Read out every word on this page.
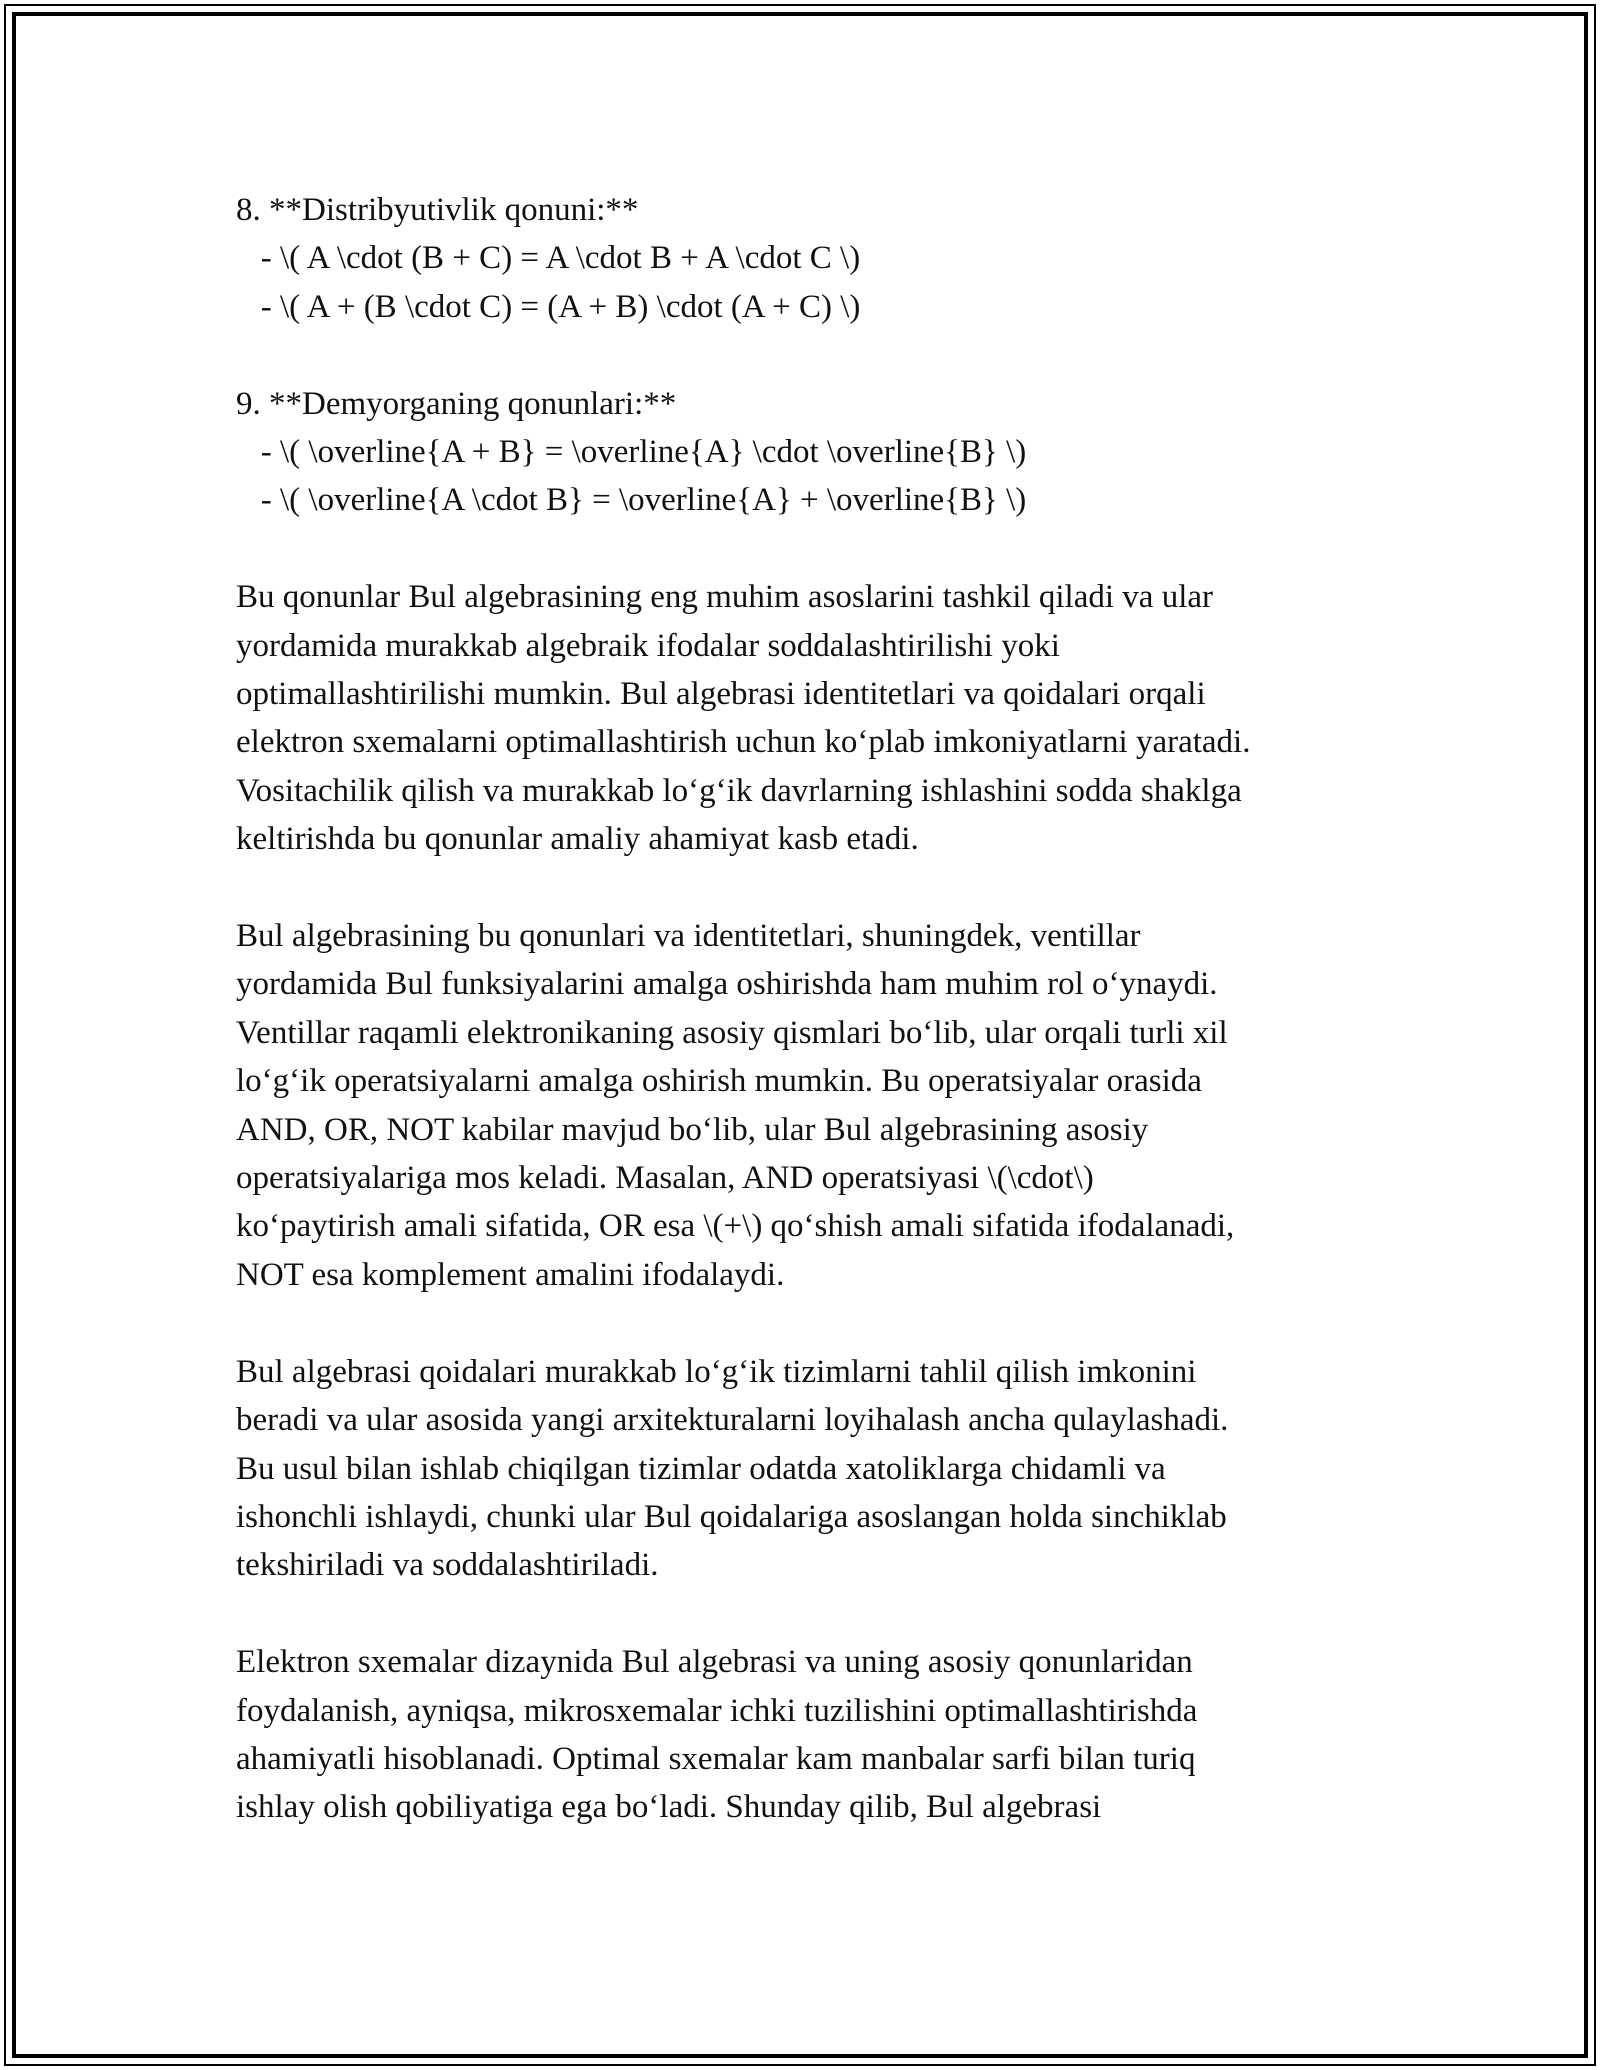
8. **Distribyutivlik qonuni:**
- \( A \cdot (B + C) = A \cdot B + A \cdot C \)
- \( A + (B \cdot C) = (A + B) \cdot (A + C) \)
9. **Demyorganing qonunlari:**
- \( \overline{A + B} = \overline{A} \cdot \overline{B} \)
- \( \overline{A \cdot B} = \overline{A} + \overline{B} \)
Bu qonunlar Bul algebrasining eng muhim asoslarini tashkil qiladi va ular
yordamida murakkab algebraik ifodalar soddalashtirilishi yoki
optimallashtirilishi mumkin. Bul algebrasi identitetlari va qoidalari orqali
elektron sxemalarni optimallashtirish uchun ko‘plab imkoniyatlarni yaratadi.
Vositachilik qilish va murakkab lo‘g‘ik davrlarning ishlashini sodda shaklga
keltirishda bu qonunlar amaliy ahamiyat kasb etadi.
Bul algebrasining bu qonunlari va identitetlari, shuningdek, ventillar
yordamida Bul funksiyalarini amalga oshirishda ham muhim rol o‘ynaydi.
Ventillar raqamli elektronikaning asosiy qismlari bo‘lib, ular orqali turli xil
lo‘g‘ik operatsiyalarni amalga oshirish mumkin. Bu operatsiyalar orasida
AND, OR, NOT kabilar mavjud bo‘lib, ular Bul algebrasining asosiy
operatsiyalariga mos keladi. Masalan, AND operatsiyasi \(\cdot\)
ko‘paytirish amali sifatida, OR esa \(+\) qo‘shish amali sifatida ifodalanadi,
NOT esa komplement amalini ifodalaydi.
Bul algebrasi qoidalari murakkab lo‘g‘ik tizimlarni tahlil qilish imkonini
beradi va ular asosida yangi arxitekturalarni loyihalash ancha qulaylashadi.
Bu usul bilan ishlab chiqilgan tizimlar odatda xatoliklarga chidamli va
ishonchli ishlaydi, chunki ular Bul qoidalariga asoslangan holda sinchiklab
tekshiriladi va soddalashtiriladi.
Elektron sxemalar dizaynida Bul algebrasi va uning asosiy qonunlaridan
foydalanish, ayniqsa, mikrosxemalar ichki tuzilishini optimallashtirishda
ahamiyatli hisoblanadi. Optimal sxemalar kam manbalar sarfi bilan turiq
ishlay olish qobiliyatiga ega bo‘ladi. Shunday qilib, Bul algebrasi
